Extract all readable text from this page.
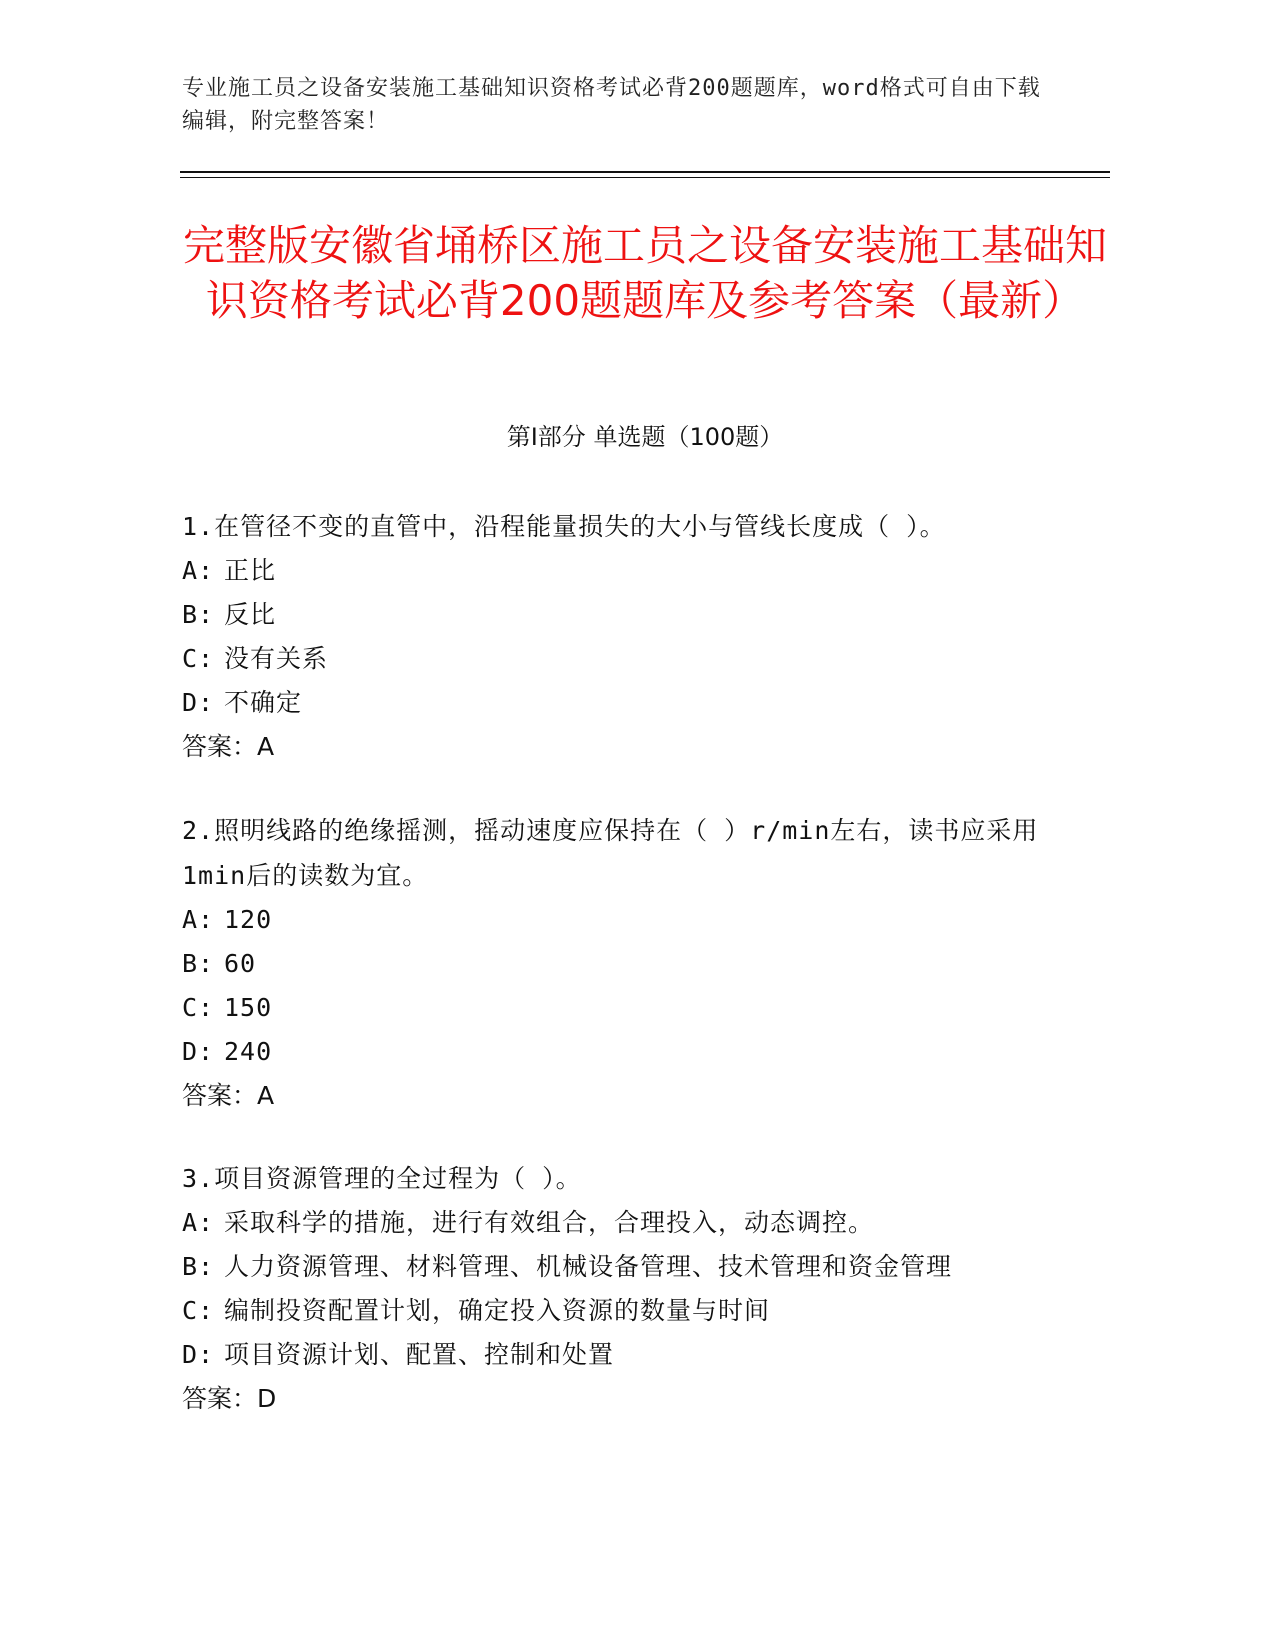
专业施工员之设备安装施工基础知识资格考试必背200题题库，word格式可自由下载编辑，附完整答案！
完整版安徽省埇桥区施工员之设备安装施工基础知识资格考试必背200题题库及参考答案（最新）
第I部分 单选题（100题）
1.在管径不变的直管中，沿程能量损失的大小与管线长度成（ ）。
A: 正比
B: 反比
C: 没有关系
D: 不确定
答案：A
2.照明线路的绝缘摇测，摇动速度应保持在（ ）r/min左右，读书应采用1min后的读数为宜。
A: 120
B: 60
C: 150
D: 240
答案：A
3.项目资源管理的全过程为（ ）。
A: 采取科学的措施，进行有效组合，合理投入，动态调控。
B: 人力资源管理、材料管理、机械设备管理、技术管理和资金管理
C: 编制投资配置计划，确定投入资源的数量与时间
D: 项目资源计划、配置、控制和处置
答案：D
